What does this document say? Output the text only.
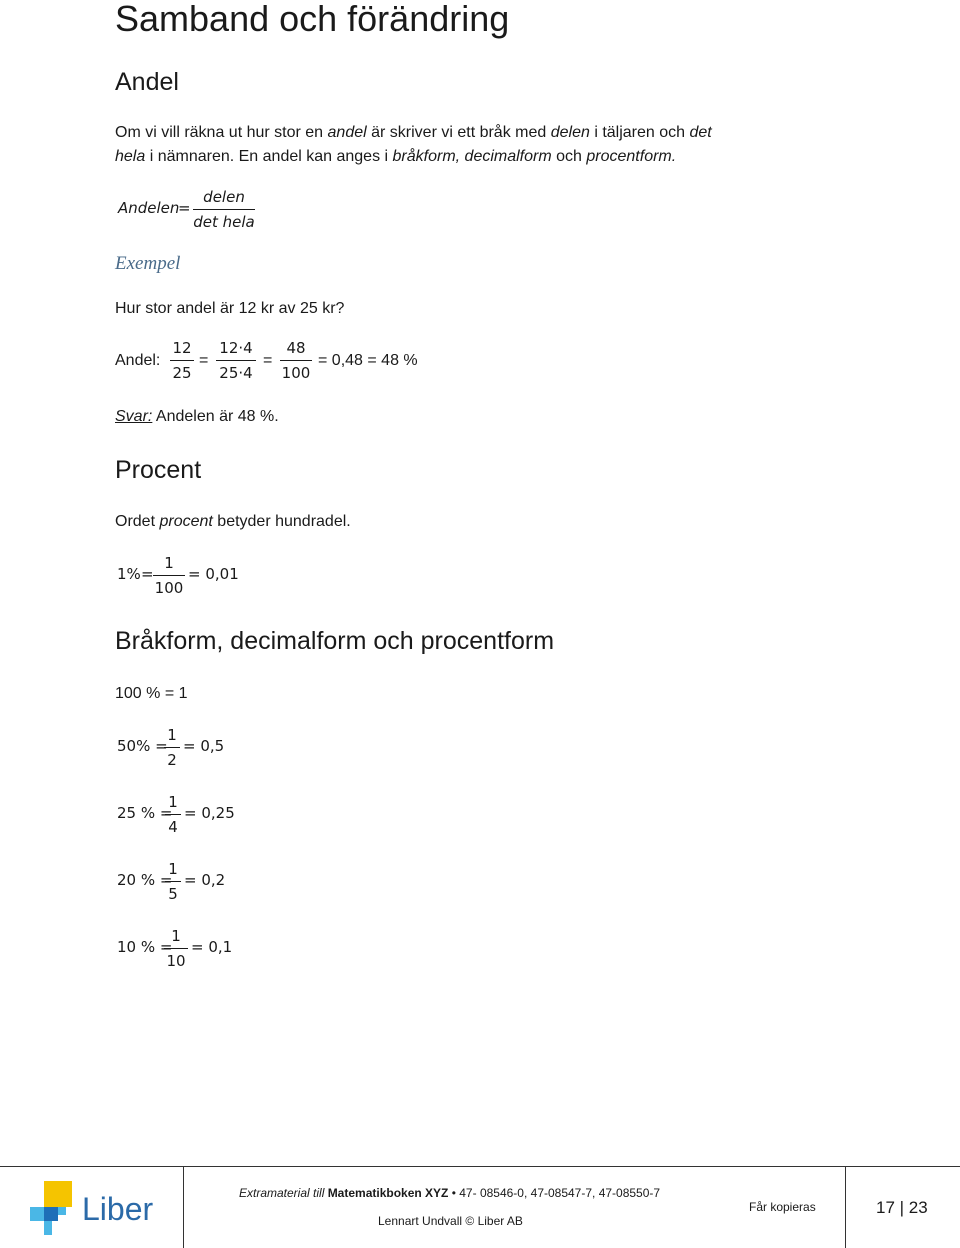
Samband och förändring
Andel
Om vi vill räkna ut hur stor en andel är skriver vi ett bråk med delen i täljaren och det
hela i nämnaren. En andel kan anges i bråkform, decimalform och procentform.
Andelen
=
delen
det hela
Exempel
Hur stor andel är 12 kr av 25 kr?
Andel:
12
25
=
12·4
25·4
=
48
100
= 0,48 = 48 %
Svar: Andelen är 48 %.
Procent
Ordet procent betyder hundradel.
1% =
1
100
= 0,01
Bråkform, decimalform och procentform
100 % = 1
50% =
1
2
= 0,5
25 % =
1
4
= 0,25
20 % =
1
5
= 0,2
10 % =
1
10
= 0,1
Liber	Extramaterial till Matematikboken XYZ • 47- 08546-0, 47-08547-7, 47-08550-7
Lennart Undvall © Liber AB
Får kopieras	17 | 23
